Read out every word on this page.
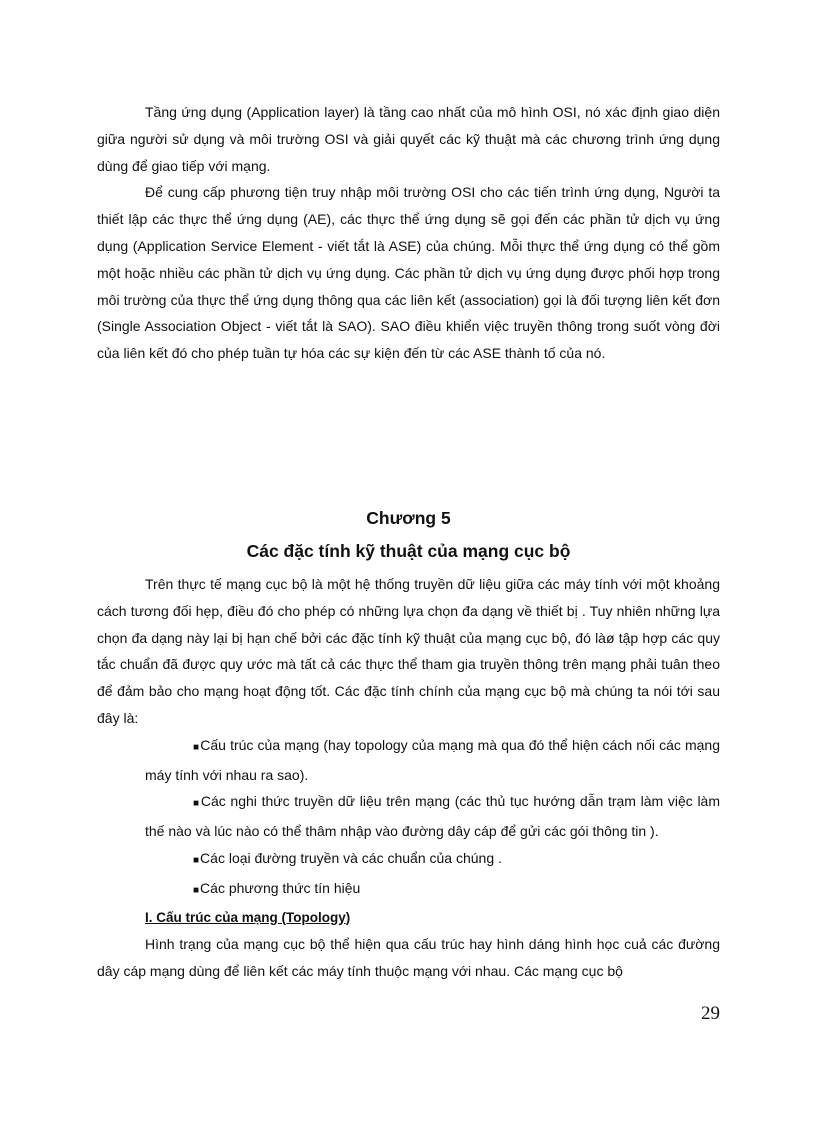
Tầng ứng dụng (Application layer) là tầng cao nhất của mô hình OSI, nó xác định giao diện giữa người sử dụng và môi trường OSI và giải quyết các kỹ thuật mà các chương trình ứng dụng dùng để giao tiếp với mạng.

Để cung cấp phương tiện truy nhập môi trường OSI cho các tiến trình ứng dụng, Người ta thiết lập các thực thể ứng dụng (AE), các thực thể ứng dụng sẽ gọi đến các phần tử dịch vụ ứng dụng (Application Service Element - viết tắt là ASE) của chúng. Mỗi thực thể ứng dụng có thể gồm một hoặc nhiều các phần tử dịch vụ ứng dụng. Các phần tử dịch vụ ứng dụng được phối hợp trong môi trường của thực thể ứng dụng thông qua các liên kết (association) gọi là đối tượng liên kết đơn (Single Association Object - viết tắt là SAO). SAO điều khiển việc truyền thông trong suốt vòng đời của liên kết đó cho phép tuần tự hóa các sự kiện đến từ các ASE thành tố của nó.

Chương 5
Các đặc tính kỹ thuật của mạng cục bộ

Trên thực tế mạng cục bộ là một hệ thống truyền dữ liệu giữa các máy tính với một khoảng cách tương đối hẹp, điều đó cho phép có những lựa chọn đa dạng về thiết bị . Tuy nhiên những lựa chọn đa dạng này lại bị hạn chế bởi các đặc tính kỹ thuật của mạng cục bộ, đó làø tập hợp các quy tắc chuẩn đã được quy ước mà tất cả các thực thể tham gia truyền thông trên mạng phải tuân theo để đảm bảo cho mạng hoạt động tốt. Các đặc tính chính của mạng cục bộ mà chúng ta nói tới sau đây là:

■Cấu trúc của mạng (hay topology của mạng mà qua đó thể hiện cách nối các mạng máy tính với nhau ra sao).

■Các nghi thức truyền dữ liệu trên mạng (các thủ tục hướng dẫn trạm làm việc làm thế nào và lúc nào có thể thâm nhập vào đường dây cáp để gửi các gói thông tin ).

■Các loại đường truyền và các chuẩn của chúng .

■Các phương thức tín hiệu

I. Cấu trúc của mạng (Topology)

Hình trạng của mạng cục bộ thể hiện qua cấu trúc hay hình dáng hình học cuả các đường dây cáp mạng dùng để liên kết các máy tính thuộc mạng với nhau. Các mạng cục bộ

29
